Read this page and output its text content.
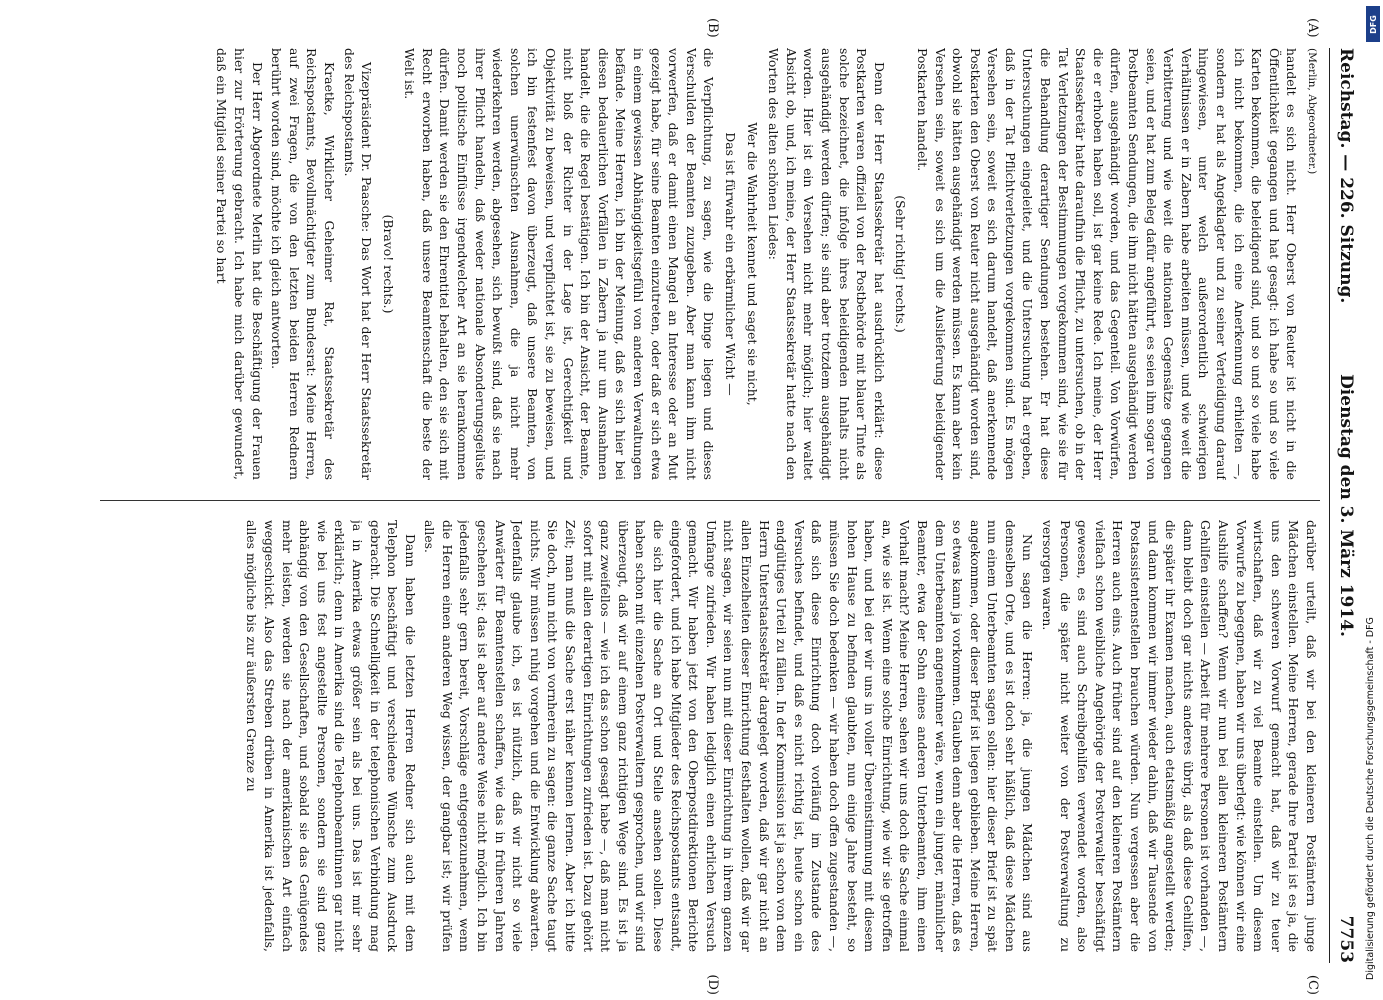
Reichstag. — 226. Sitzung.
Dienstag den 3. März 1914.
7753
(A)
(B)
(C)
(D)

(Merlin, Abgeordneter.)

handelt es sich nicht. Herr Oberst von Reuter ist nicht in die Öffentlichkeit gegangen und hat gesagt: ich habe so und so viele Karten bekommen, die beleidigend sind, und so und so viele habe ich nicht bekommen, die ich eine Anerkennung erhielten —, sondern er hat als Angeklagter und zu seiner Verteidigung darauf hingewiesen, unter welch außerordentlich schwierigen Verhältnissen er in Zabern habe arbeiten müssen, und wie weit die Verbitterung und wie weit die nationalen Gegensätze gegangen seien, und er hat zum Beleg dafür angeführt, es seien ihm sogar von Postbeamten Sendungen, die ihm nicht hätten ausgehändigt werden dürfen, ausgehändigt worden, und das Gegenteil. Von Vorwürfen, die er erhoben haben soll, ist gar keine Rede. Ich meine, der Herr Staatssekretär hatte daraufhin die Pflicht, zu untersuchen, ob in der Tat Verletzungen der Bestimmungen vorgekommen sind, wie sie für die Behandlung derartiger Sendungen bestehen. Er hat diese Untersuchungen eingeleitet, und die Untersuchung hat ergeben, daß in der Tat Pflichtverletzungen vorgekommen sind. Es mögen Versehen sein, soweit es sich darum handelt, daß anerkennende Postkarten den Oberst von Reuter nicht ausgehändigt worden sind, obwohl sie hätten ausgehändigt werden müssen. Es kann aber kein Versehen sein, soweit es sich um die Auslieferung beleidigender Postkarten handelt.

(Sehr richtig! rechts.)

Denn der Herr Staatssekretär hat ausdrücklich erklärt: diese Postkarten waren offiziell von der Postbehörde mit blauer Tinte als solche bezeichnet, die infolge ihres beleidigenden Inhalts nicht ausgehändigt werden dürfen; sie sind aber trotzdem ausgehändigt worden. Hier ist ein Versehen nicht mehr möglich; hier waltet Absicht ob, und, ich meine, der Herr Staatssekretär hatte nach den Worten des alten schönen Liedes:

Wer die Wahrheit kennet und saget sie nicht,

Das ist fürwahr ein erbärmlicher Wicht —

die Verpflichtung, zu sagen, wie die Dinge liegen und dieses Verschulden der Beamten zuzugeben. Aber man kann ihm nicht vorwerfen, daß er damit einen Mangel an Interesse oder an Mut gezeigt habe, für seine Beamten einzutreten, oder daß er sich etwa in einem gewissen Abhängigkeitsgefühl von anderen Verwaltungen befände. Meine Herren, ich bin der Meinung, daß es sich hier bei diesen bedauerlichen Vorfällen in Zabern ja nur um Ausnahmen handelt, die die Regel bestätigen. Ich bin der Ansicht, der Beamte, nicht bloß der Richter in der Lage ist, Gerechtigkeit und Objektivität zu beweisen, und verpflichtet ist, sie zu beweisen, und ich bin festenfest davon überzeugt, daß unsere Beamten, von solchen unerwünschten Ausnahmen, die ja nicht mehr wiederkehren werden, abgesehen, sich bewußt sind, daß sie nach ihrer Pflicht handeln, daß weder nationale Absonderungsgelüste noch politische Einflüsse irgendwelcher Art an sie herankommen dürfen. Damit werden sie den Ehrentitel behalten, den sie sich mit Recht erworben haben, daß unsere Beamtenschaft die beste der Welt ist.

(Bravo! rechts.)

Vizepräsident Dr. Paasche: Das Wort hat der Herr Staatssekretär des Reichspostamts.

Kraetke, Wirklicher Geheimer Rat, Staatssekretär des Reichspostamts, Bevollmächtigter zum Bundesrat: Meine Herren, auf zwei Fragen, die von den letzten beiden Herren Rednern berührt worden sind, möchte ich gleich antworten.

Der Herr Abgeordnete Merlin hat die Beschäftigung der Frauen hier zur Erörterung gebracht. Ich habe mich darüber gewundert, daß ein Mitglied seiner Partei so hart

darüber urteilt, daß wir bei den kleineren Postämtern junge Mädchen einstellen. Meine Herren, gerade Ihre Partei ist es ja, die uns den schweren Vorwurf gemacht hat, daß wir zu teuer wirtschaften, daß wir zu viel Beamte einstellen. Um diesem Vorwurfe zu begegnen, haben wir uns überlegt: wie können wir eine Aushilfe schaffen? Wenn wir nun bei allen kleineren Postämtern Gehilfen einstellen — Arbeit für mehrere Personen ist vorhanden —, dann bleibt doch gar nichts anderes übrig, als daß diese Gehilfen, die später ihr Examen machen, auch etatsmäßig angestellt werden; und dann kommen wir immer wieder dahin, daß wir Tausende von Postassistentenstellen brauchen würden. Nun vergessen aber die Herren auch eins. Auch früher sind auf den kleineren Postämtern vielfach schon weibliche Angehörige der Postverwalter beschäftigt gewesen, es sind auch Schreibgehilfen verwendet worden, also Personen, die später nicht weiter von der Postverwaltung zu versorgen waren.

Nun sagen die Herren: ja, die jungen Mädchen sind aus demselben Orte, und es ist doch sehr häßlich, daß diese Mädchen nun einem Unterbeamten sagen sollen: hier dieser Brief ist zu spät angekommen, oder dieser Brief ist liegen geblieben. Meine Herren, so etwas kann ja vorkommen. Glauben denn aber die Herren, daß es dem Unterbeamten angenehmer wäre, wenn ein junger, männlicher Beamter, etwa der Sohn eines anderen Unterbeamten, ihm einen Vorhalt macht? Meine Herren, sehen wir uns doch die Sache einmal an, wie sie ist. Wenn eine solche Einrichtung, wie wir sie getroffen haben, und bei der wir uns in voller Übereinstimmung mit diesem hohen Hause zu befinden glaubten, nun einige Jahre besteht, so müssen Sie doch bedenken — wir haben doch offen zugestanden —, daß sich diese Einrichtung doch vorläufig im Zustande des Versuches befindet, und daß es nicht richtig ist, heute schon ein endgültiges Urteil zu fällen. In der Kommission ist ja schon von dem Herrn Unterstaatssekretär dargelegt worden, daß wir gar nicht an allen Einzelheiten dieser Einrichtung festhalten wollen, daß wir gar nicht sagen, wir seien nun mit dieser Einrichtung in ihrem ganzen Umfange zufrieden. Wir haben lediglich einen ehrlichen Versuch gemacht. Wir haben jetzt von den Oberpostdirektionen Berichte eingefordert, und ich habe Mitglieder des Reichspostamts entsandt, die sich hier die Sache an Ort und Stelle ansehen sollen. Diese haben schon mit einzelnen Postverwaltern gesprochen, und wir sind überzeugt, daß wir auf einem ganz richtigen Wege sind. Es ist ja ganz zweifellos — wie ich das schon gesagt habe —, daß man nicht sofort mit allen derartigen Einrichtungen zufrieden ist. Dazu gehört Zeit; man muß die Sache erst näher kennen lernen. Aber ich bitte Sie doch, nun nicht von vornherein zu sagen: die ganze Sache taugt nichts. Wir müssen ruhig vorgehen und die Entwicklung abwarten. Jedenfalls glaube ich, es ist nützlich, daß wir nicht so viele Anwärter für Beamtenstellen schaffen, wie das in früheren Jahren geschehen ist; das ist aber auf andere Weise nicht möglich. Ich bin jedenfalls sehr gern bereit, Vorschläge entgegenzunehmen, wenn die Herren einen anderen Weg wissen, der gangbar ist; wir prüfen alles.

Dann haben die letzten Herren Redner sich auch mit dem Telephon beschäftigt und verschiedene Wünsche zum Ausdruck gebracht. Die Schnelligkeit in der telephonischen Verbindung mag ja in Amerika etwas größer sein als bei uns. Das ist mir sehr erklärlich; denn in Amerika sind die Telephonbeamtinnen gar nicht wie bei uns fest angestellte Personen, sondern sie sind ganz abhängig von den Gesellschaften, und sobald sie das Genügendes mehr leisten, werden sie nach der amerikanischen Art einfach weggeschickt. Also das Streben drüben in Amerika ist jedenfalls, alles mögliche bis zur äußersten Grenze zu

DFG
Digitalisierung gefördert durch die Deutsche Forschungsgemeinschaft - DFG
